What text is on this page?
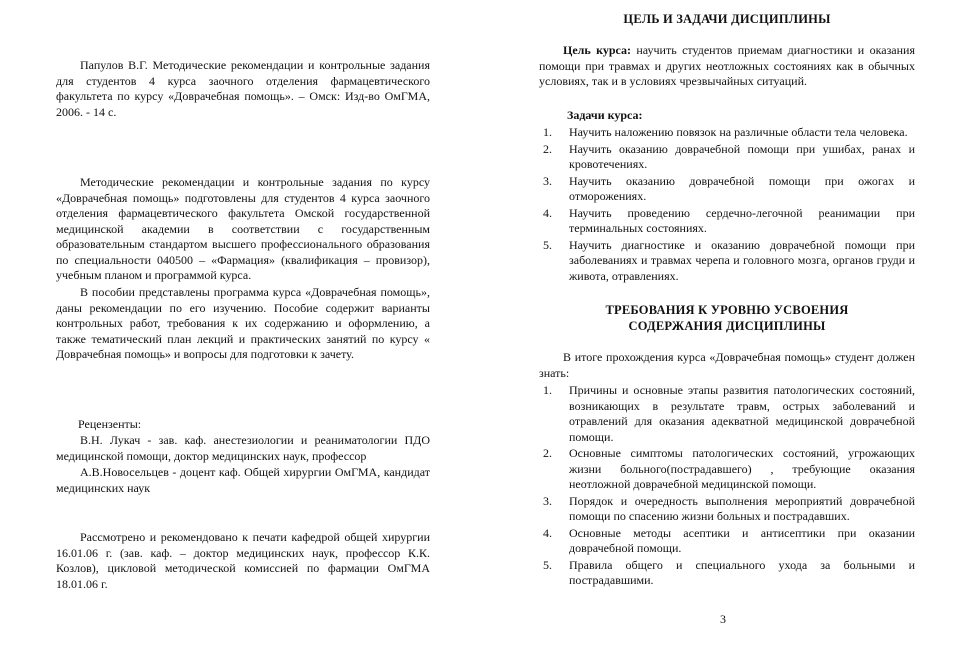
Папулов В.Г. Методические рекомендации и контрольные задания для студентов 4 курса заочного отделения фармацевтического факультета по курсу «Доврачебная помощь». – Омск: Изд-во ОмГМА, 2006. - 14 с.
Методические рекомендации и контрольные задания по курсу «Доврачебная помощь» подготовлены для студентов 4 курса заочного отделения фармацевтического факультета Омской государственной медицинской академии в соответствии с государственным образовательным стандартом высшего профессионального образования по специальности 040500 – «Фармация» (квалификация – провизор), учебным планом и программой курса.
В пособии представлены программа курса «Доврачебная помощь», даны рекомендации по его изучению. Пособие содержит варианты контрольных работ, требования к их содержанию и оформлению, а также тематический план лекций и практических занятий по курсу « Доврачебная помощь» и вопросы для подготовки к зачету.
Рецензенты:
В.Н. Лукач - зав. каф. анестезиологии и реаниматологии ПДО медицинской помощи, доктор медицинских наук, профессор
А.В.Новосельцев - доцент каф. Общей хирургии ОмГМА, кандидат медицинских наук
Рассмотрено и рекомендовано к печати кафедрой общей хирургии 16.01.06 г. (зав. каф. – доктор медицинских наук, профессор К.К. Козлов), цикловой методической комиссией по фармации ОмГМА 18.01.06 г.
ЦЕЛЬ И ЗАДАЧИ ДИСЦИПЛИНЫ
Цель курса: научить студентов приемам диагностики и оказания помощи при травмах и других неотложных состояниях как в обычных условиях, так и в условиях чрезвычайных ситуаций.
Задачи курса:
1. Научить наложению повязок на различные области тела человека.
2. Научить оказанию доврачебной помощи при ушибах, ранах и кровотечениях.
3. Научить оказанию доврачебной помощи при ожогах и отморожениях.
4. Научить проведению сердечно-легочной реанимации при терминальных состояниях.
5. Научить диагностике и оказанию доврачебной помощи при заболеваниях и травмах черепа и головного мозга, органов груди и живота, отравлениях.
ТРЕБОВАНИЯ К УРОВНЮ УСВОЕНИЯ
СОДЕРЖАНИЯ ДИСЦИПЛИНЫ
В итоге прохождения курса «Доврачебная помощь» студент должен знать:
1. Причины и основные этапы развития патологических состояний, возникающих в результате травм, острых заболеваний и отравлений для оказания адекватной медицинской доврачебной помощи.
2. Основные симптомы патологических состояний, угрожающих жизни больного(пострадавшего) , требующие оказания неотложной доврачебной медицинской помощи.
3. Порядок и очередность выполнения мероприятий доврачебной помощи по спасению жизни больных и пострадавших.
4. Основные методы асептики и антисептики при оказании доврачебной помощи.
5. Правила общего и специального ухода за больными и пострадавшими.
3
